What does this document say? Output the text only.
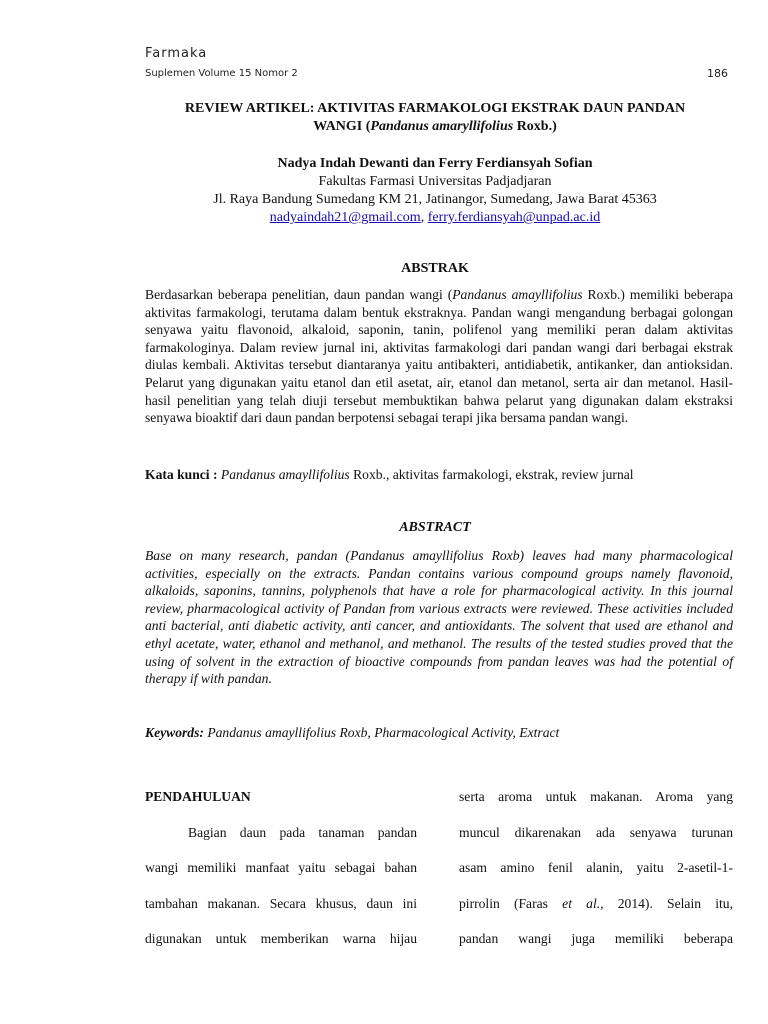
Farmaka
Suplemen Volume 15 Nomor 2	186
REVIEW ARTIKEL: AKTIVITAS FARMAKOLOGI EKSTRAK DAUN PANDAN
WANGI (Pandanus amaryllifolius Roxb.)
Nadya Indah Dewanti dan Ferry Ferdiansyah Sofian
Fakultas Farmasi Universitas Padjadjaran
Jl. Raya Bandung Sumedang KM 21, Jatinangor, Sumedang, Jawa Barat 45363
nadyaindah21@gmail.com, ferry.ferdiansyah@unpad.ac.id
ABSTRAK
Berdasarkan beberapa penelitian, daun pandan wangi (Pandanus amayllifolius Roxb.) memiliki beberapa aktivitas farmakologi, terutama dalam bentuk ekstraknya. Pandan wangi mengandung berbagai golongan senyawa yaitu flavonoid, alkaloid, saponin, tanin, polifenol yang memiliki peran dalam aktivitas farmakologinya. Dalam review jurnal ini, aktivitas farmakologi dari pandan wangi dari berbagai ekstrak diulas kembali. Aktivitas tersebut diantaranya yaitu antibakteri, antidiabetik, antikanker, dan antioksidan. Pelarut yang digunakan yaitu etanol dan etil asetat, air, etanol dan metanol, serta air dan metanol. Hasil-hasil penelitian yang telah diuji tersebut membuktikan bahwa pelarut yang digunakan dalam ekstraksi senyawa bioaktif dari daun pandan berpotensi sebagai terapi jika bersama pandan wangi.
Kata kunci : Pandanus amayllifolius Roxb., aktivitas farmakologi, ekstrak, review jurnal
ABSTRACT
Base on many research, pandan (Pandanus amayllifolius Roxb) leaves had many pharmacological activities, especially on the extracts. Pandan contains various compound groups namely flavonoid, alkaloids, saponins, tannins, polyphenols that have a role for pharmacological activity. In this journal review, pharmacological activity of Pandan from various extracts were reviewed. These activities included anti bacterial, anti diabetic activity, anti cancer, and antioxidants. The solvent that used are ethanol and ethyl acetate, water, ethanol and methanol, and methanol. The results of the tested studies proved that the using of solvent in the extraction of bioactive compounds from pandan leaves was had the potential of therapy if with pandan.
Keywords: Pandanus amayllifolius Roxb, Pharmacological Activity, Extract
PENDAHULUAN
Bagian daun pada tanaman pandan
wangi memiliki manfaat yaitu sebagai bahan
tambahan makanan. Secara khusus, daun ini
digunakan untuk memberikan warna hijau
serta aroma untuk makanan. Aroma yang
muncul dikarenakan ada senyawa turunan
asam amino fenil alanin, yaitu 2-asetil-1-
pirrolin (Faras et al., 2014). Selain itu,
pandan wangi juga memiliki beberapa
